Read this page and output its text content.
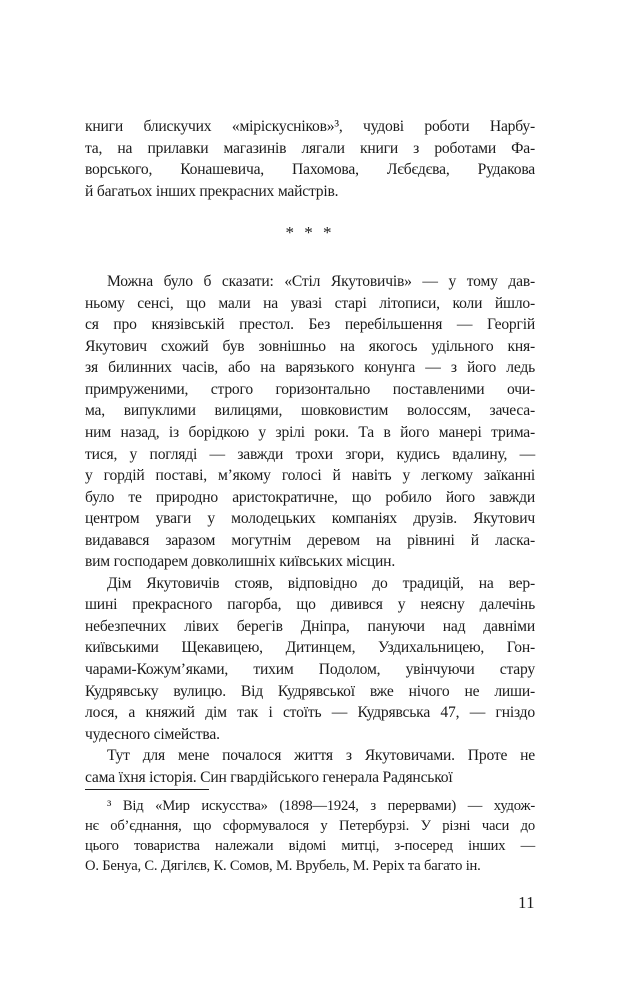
книги блискучих «міріскусніков»³, чудові роботи Нарбу-
та, на прилавки магазинів лягали книги з роботами Фа-
ворського, Конашевича, Пахомова, Лєбєдєва, Рудакова
й багатьох інших прекрасних майстрів.
* * *
Можна було б сказати: «Стіл Якутовичів» — у тому дав-
ньому сенсі, що мали на увазі старі літописи, коли йшло-
ся про князівській престол. Без перебільшення — Георгій
Якутович схожий був зовнішньо на якогось удільного кня-
зя билинних часів, або на варязького конунга — з його ледь
примруженими, строго горизонтально поставленими очи-
ма, випуклими вилицями, шовковистим волоссям, зачеса-
ним назад, із борідкою у зрілі роки. Та в його манері трима-
тися, у погляді — завжди трохи згори, кудись вдалину, —
у гордій поставі, м’якому голосі й навіть у легкому заїканні
було те природно аристократичне, що робило його завжди
центром уваги у молодецьких компаніях друзів. Якутович
видавався заразом могутнім деревом на рівнині й ласка-
вим господарем довколишніх київських місцин.
Дім Якутовичів стояв, відповідно до традицій, на вер-
шині прекрасного пагорба, що дивився у неясну далечінь
небезпечних лівих берегів Дніпра, пануючи над давніми
київськими Щекавицею, Дитинцем, Уздихальницею, Гон-
чарами-Кожум’яками, тихим Подолом, увінчуючи стару
Кудрявську вулицю. Від Кудрявської вже нічого не лиши-
лося, а княжий дім так і стоїть — Кудрявська 47, — гніздо
чудесного сімейства.
Тут для мене почалося життя з Якутовичами. Проте не
сама їхня історія. Син гвардійського генерала Радянської
³ Від «Мир искусства» (1898—1924, з перервами) — худож-
нє об’єднання, що сформувалося у Петербурзі. У різні часи до
цього товариства належали відомі митці, з-посеред інших —
О. Бенуа, С. Дягілєв, К. Сомов, М. Врубель, М. Реріх та багато ін.
11
